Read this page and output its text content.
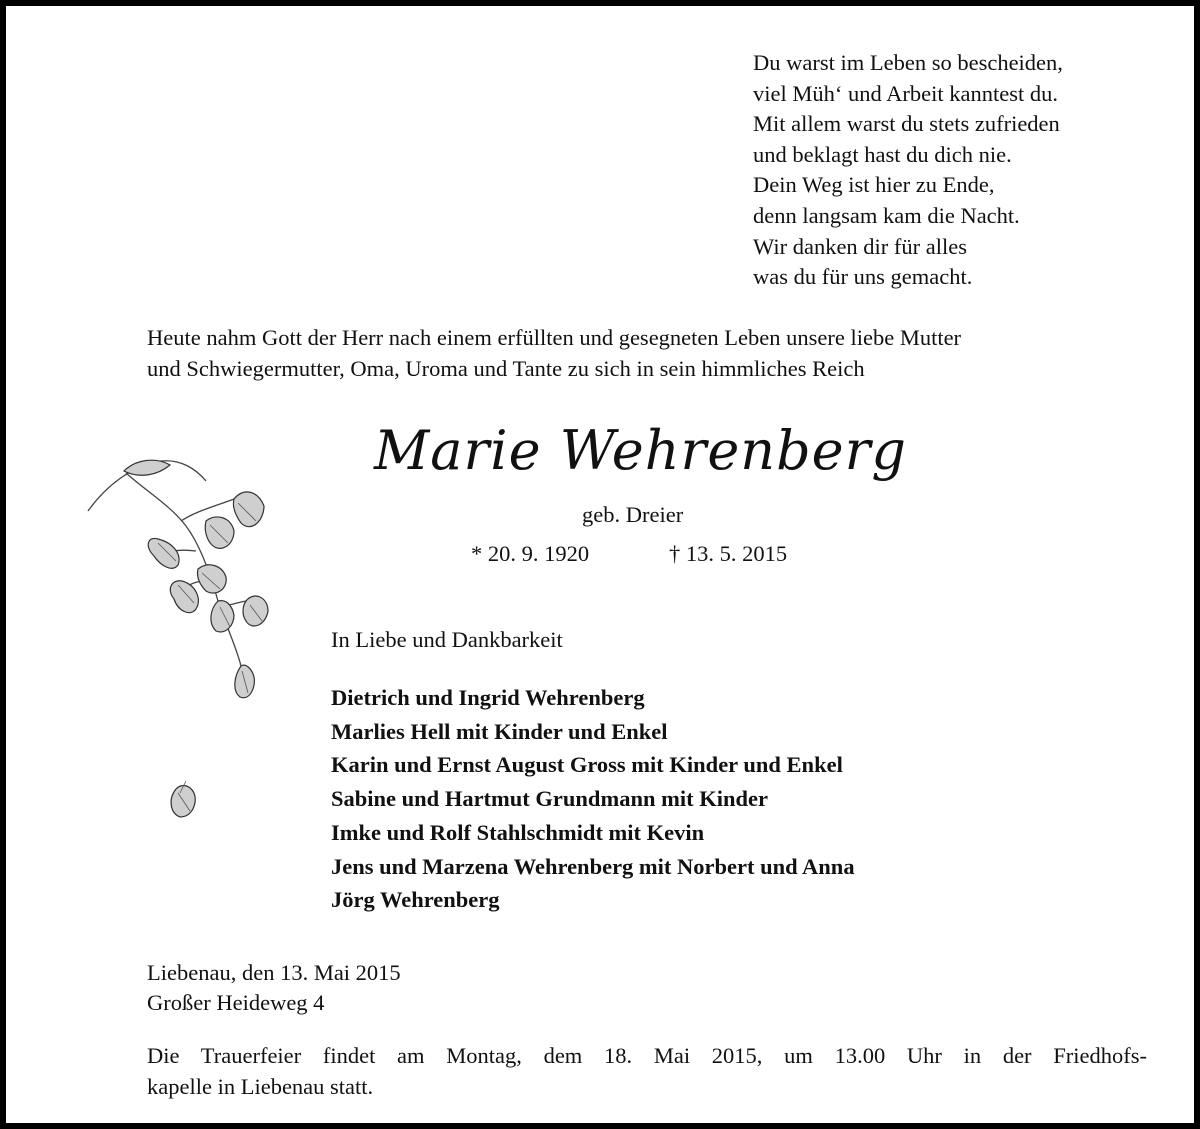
Du warst im Leben so bescheiden,
viel Müh‘ und Arbeit kanntest du.
Mit allem warst du stets zufrieden
und beklagt hast du dich nie.
Dein Weg ist hier zu Ende,
denn langsam kam die Nacht.
Wir danken dir für alles
was du für uns gemacht.
Heute nahm Gott der Herr nach einem erfüllten und gesegneten Leben unsere liebe Mutter
und Schwiegermutter, Oma, Uroma und Tante zu sich in sein himmliches Reich
Marie Wehrenberg
geb. Dreier
* 20. 9. 1920	† 13. 5. 2015
In Liebe und Dankbarkeit
Dietrich und Ingrid Wehrenberg
Marlies Hell mit Kinder und Enkel
Karin und Ernst August Gross mit Kinder und Enkel
Sabine und Hartmut Grundmann mit Kinder
Imke und Rolf Stahlschmidt mit Kevin
Jens und Marzena Wehrenberg mit Norbert und Anna
Jörg Wehrenberg
Liebenau, den 13. Mai 2015
Großer Heideweg 4
Die Trauerfeier findet am Montag, dem 18. Mai 2015, um 13.00 Uhr in der Friedhofs-
kapelle in Liebenau statt.
